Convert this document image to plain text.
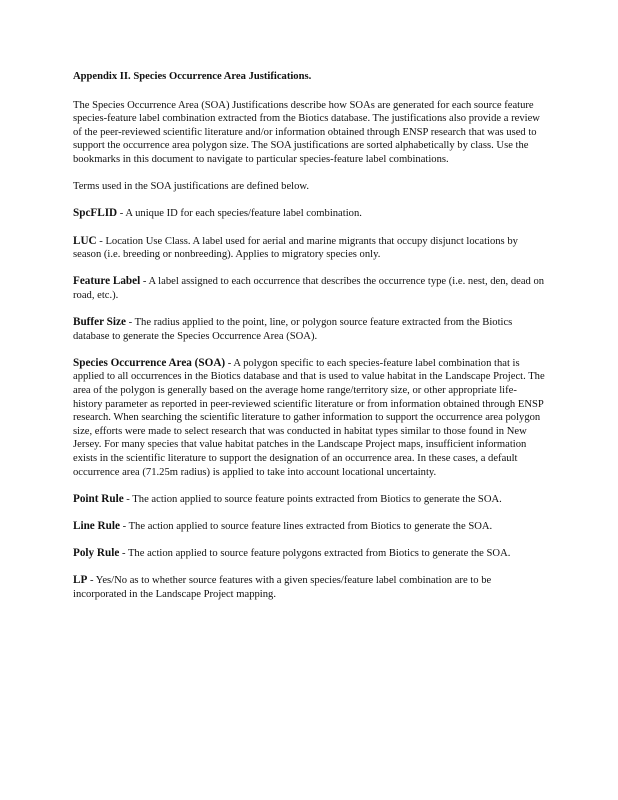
Appendix II. Species Occurrence Area Justifications.

The Species Occurrence Area (SOA) Justifications describe how SOAs are generated for each source feature species-feature label combination extracted from the Biotics database. The justifications also provide a review of the peer-reviewed scientific literature and/or information obtained through ENSP research that was used to support the occurrence area polygon size. The SOA justifications are sorted alphabetically by class. Use the bookmarks in this document to navigate to particular species-feature label combinations.

Terms used in the SOA justifications are defined below.

SpcFLID - A unique ID for each species/feature label combination.

LUC - Location Use Class. A label used for aerial and marine migrants that occupy disjunct locations by season (i.e. breeding or nonbreeding). Applies to migratory species only.

Feature Label - A label assigned to each occurrence that describes the occurrence type (i.e. nest, den, dead on road, etc.).

Buffer Size - The radius applied to the point, line, or polygon source feature extracted from the Biotics database to generate the Species Occurrence Area (SOA).

Species Occurrence Area (SOA) - A polygon specific to each species-feature label combination that is applied to all occurrences in the Biotics database and that is used to value habitat in the Landscape Project. The area of the polygon is generally based on the average home range/territory size, or other appropriate life-history parameter as reported in peer-reviewed scientific literature or from information obtained through ENSP research. When searching the scientific literature to gather information to support the occurrence area polygon size, efforts were made to select research that was conducted in habitat types similar to those found in New Jersey. For many species that value habitat patches in the Landscape Project maps, insufficient information exists in the scientific literature to support the designation of an occurrence area. In these cases, a default occurrence area (71.25m radius) is applied to take into account locational uncertainty.

Point Rule - The action applied to source feature points extracted from Biotics to generate the SOA.

Line Rule - The action applied to source feature lines extracted from Biotics to generate the SOA.

Poly Rule - The action applied to source feature polygons extracted from Biotics to generate the SOA.

LP - Yes/No as to whether source features with a given species/feature label combination are to be incorporated in the Landscape Project mapping.
